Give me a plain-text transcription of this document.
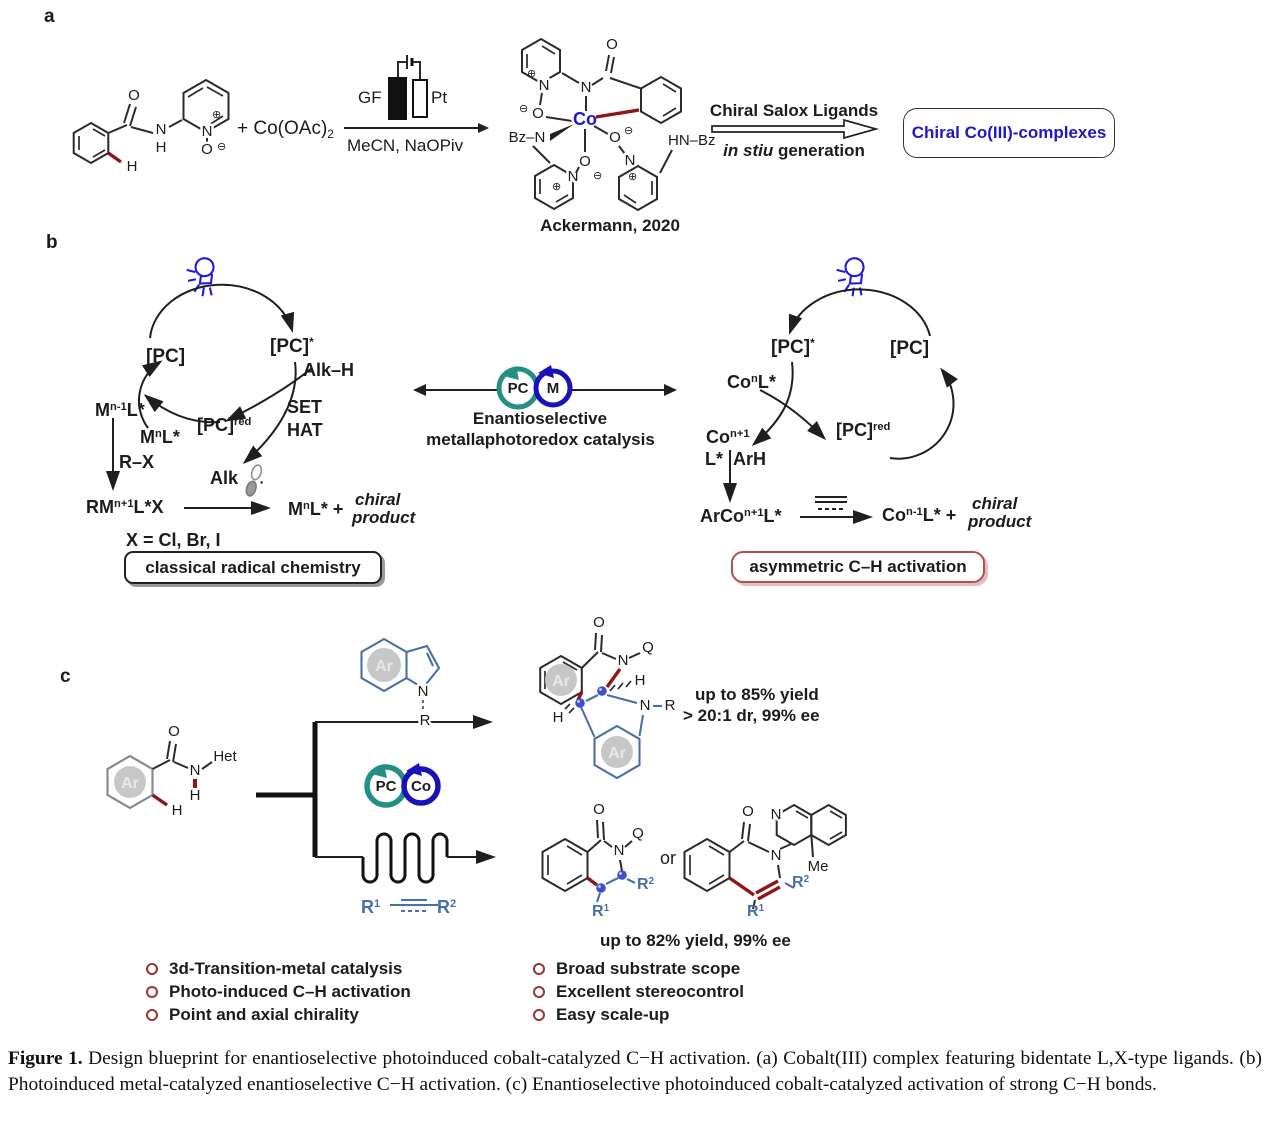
a
O
N
H
N
⊕
O ⊖
H
+ $Co(OAc)_2$
GF	Pt
MeCN, NaOPiv
N
⊕
O
⊖ Co
N
O
Bz–N
N
⊕
O
⊖
O ⊖
N
⊕
HN–Bz
Ackermann, 2020
Chiral Salox Ligands
in stiu generation
Chiral Co(III)-complexes
b
[PC]	[PC]*
Alk–H
SET
HAT
[PC]$^{red}$
$M^{n-1}L*$
$M^nL*$
R–X
Alk
$RM^{n+1}L*X$	$M^nL*$ + chiral
product
X = Cl, Br, I
classical radical chemistry
PC M
Enantioselective
metallaphotoredox catalysis
[PC]*	[PC]
Co$^n$L*
$Co^{n+1}$	[PC]$^{red}$
L* ArH
ArCo$^{n+1}$L*	$Co^{n-1}L*$ +
chiral
product
asymmetric C–H activation
c
Ar
O
N
H
Het
H
Ar
N
R
PC Co
$R^1$	$R^2$
Ar
O
N
Q
N R
H
H
Ar
up to 85% yield
> 20:1 dr, 99% ee
O
N
Q
$R^2$
$R^1$
or
O
N
N
Me
$R^2$
$R^1$
up to 82% yield, 99% ee
3d-Transition-metal catalysis
Photo-induced C–H activation
Point and axial chirality
Broad substrate scope
Excellent stereocontrol
Easy scale-up
Figure 1. Design blueprint for enantioselective photoinduced cobalt-catalyzed C−H activation. (a) Cobalt(III) complex featuring bidentate L,X-type ligands. (b) Photoinduced metal-catalyzed enantioselective C−H activation. (c) Enantioselective photoinduced cobalt-catalyzed activation of strong C−H bonds.
